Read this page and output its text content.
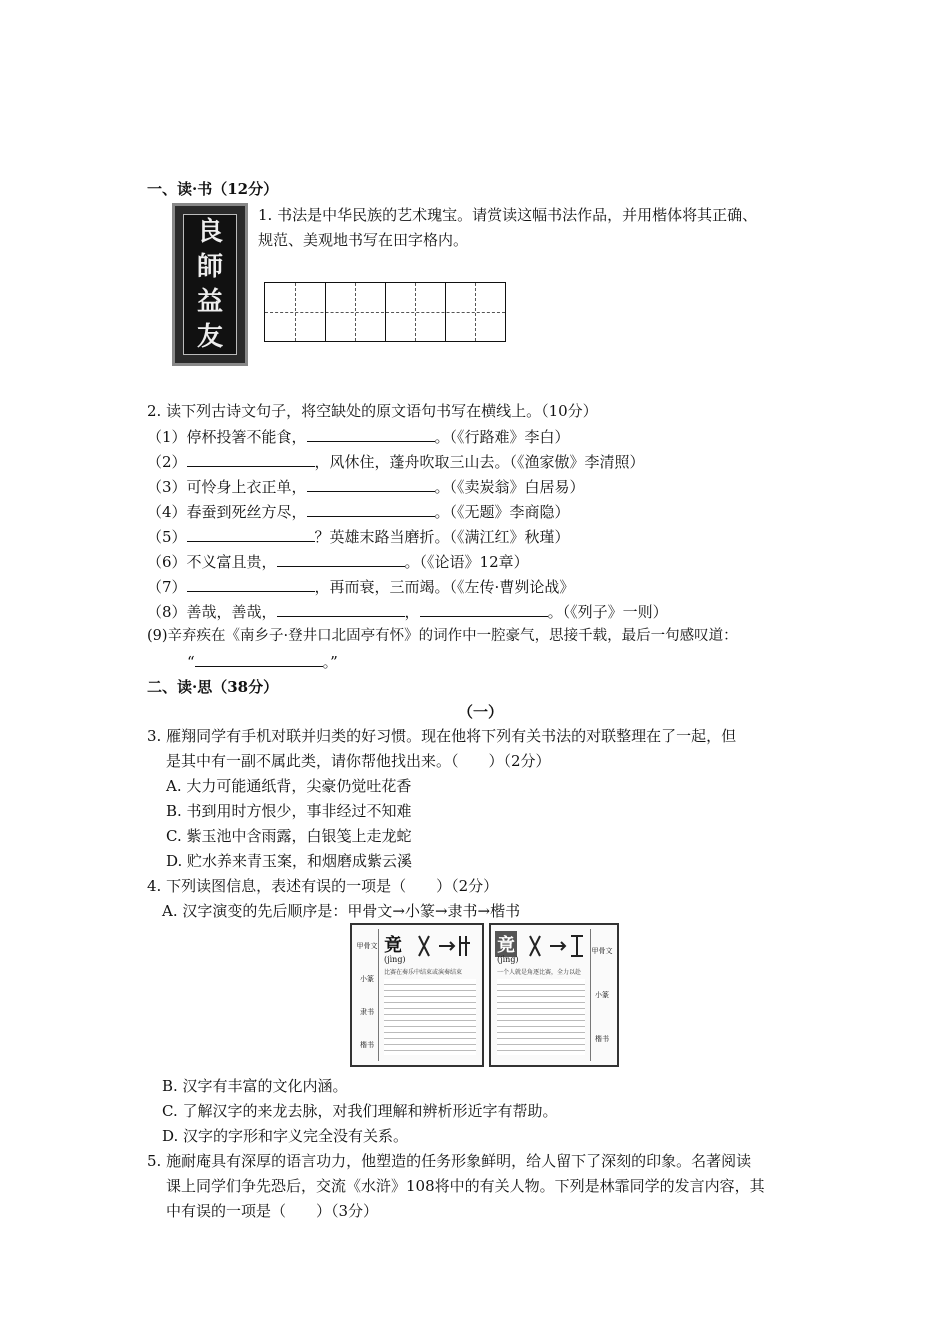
一、读·书（12分）
良
師
益
友
1. 书法是中华民族的艺术瑰宝。请赏读这幅书法作品，并用楷体将其正确、
规范、美观地书写在田字格内。
2. 读下列古诗文句子，将空缺处的原文语句书写在横线上。（10分）
（1）停杯投箸不能食，	。（《行路难》李白）
（2）	，风休住，蓬舟吹取三山去。（《渔家傲》李清照）
（3）可怜身上衣正单，	。（《卖炭翁》白居易）
（4）春蚕到死丝方尽，	。（《无题》李商隐）
（5）	？英雄末路当磨折。（《满江红》秋瑾）
（6）不义富且贵，	。（《论语》12章）
（7）	，再而衰，三而竭。（《左传·曹刿论战》
（8）善哉，善哉，	，	。（《列子》一则）
(9)辛弃疾在《南乡子·登井口北固亭有怀》的词作中一腔豪气，思接千载，最后一句感叹道：
“	。”
二、读·思（38分）
（一）
3. 雁翔同学有手机对联并归类的好习惯。现在他将下列有关书法的对联整理在了一起，但
是其中有一副不属此类，请你帮他找出来。（　　）（2分）
A. 大力可能通纸背，尖豪仍觉吐花香
B. 书到用时方恨少，事非经过不知难
C. 紫玉池中含雨露，白银笺上走龙蛇
D. 贮水养来青玉案，和烟磨成紫云溪
4. 下列读图信息，表述有误的一项是（　　）（2分）
A. 汉字演变的先后顺序是：甲骨文→小篆→隶书→楷书
甲骨文
小篆
隶书
楷书
竟
(jìng)
比赛在奏乐中结束或演奏结束
甲骨文
小篆
楷书
竟
(jìng)
一个人就是角逐比赛，全力以赴
B. 汉字有丰富的文化内涵。
C. 了解汉字的来龙去脉，对我们理解和辨析形近字有帮助。
D. 汉字的字形和字义完全没有关系。
5. 施耐庵具有深厚的语言功力，他塑造的任务形象鲜明，给人留下了深刻的印象。名著阅读
课上同学们争先恐后，交流《水浒》108将中的有关人物。下列是林霏同学的发言内容，其
中有误的一项是（　　）（3分）
